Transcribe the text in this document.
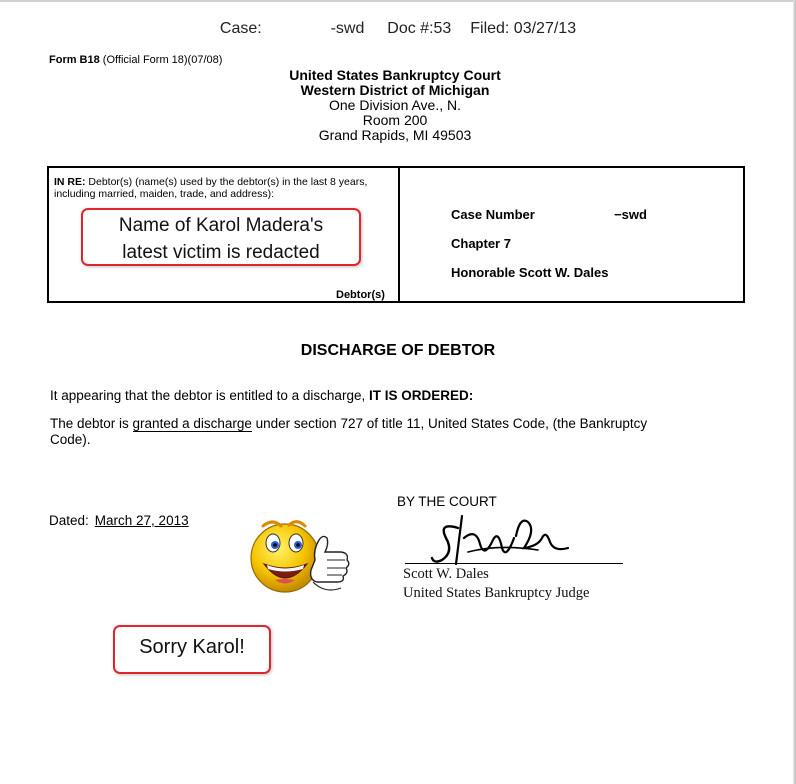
Case:	-swd Doc #:53 Filed: 03/27/13
Form B18 (Official Form 18)(07/08)
United States Bankruptcy Court
Western District of Michigan
One Division Ave., N.
Room 200
Grand Rapids, MI 49503
IN RE: Debtor(s) (name(s) used by the debtor(s) in the last 8 years, including married, maiden, trade, and address):
Name of Karol Madera's
latest victim is redacted
Debtor(s)
Case Number	−swd
Chapter 7
Honorable Scott W. Dales
DISCHARGE OF DEBTOR
It appearing that the debtor is entitled to a discharge, IT IS ORDERED:
The debtor is granted a discharge under section 727 of title 11, United States Code, (the Bankruptcy
Code).
Dated: March 27, 2013
BY THE COURT
Scott W. Dales
United States Bankruptcy Judge
Sorry Karol!
